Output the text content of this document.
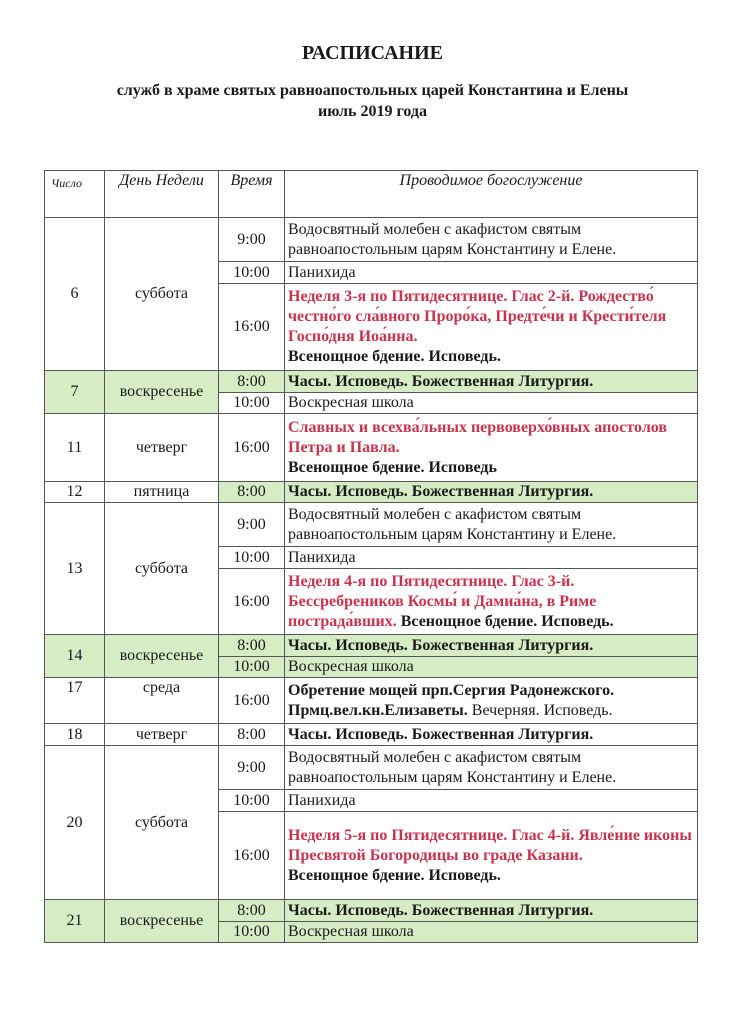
РАСПИСАНИЕ
служб в храме святых равноапостольных царей Константина и Елены
июль 2019 года
Число	День Недели	Время	Проводимое богослужение
6	суббота	9:00	Водосвятный молебен с акафистом святым равноапостольным царям Константину и Елене.
		10:00	Панихида
		16:00	Неделя 3-я по Пятидесятнице. Глас 2-й. Рождество́ честно́го сла́вного Проро́ка, Предте́чи и Крести́теля Госпо́дня Иоа́нна.
Всенощное бдение. Исповедь.
7	воскресенье	8:00	Часы. Исповедь. Божественная Литургия.
		10:00	Воскресная школа
11	четверг	16:00	Славных и всехва́льных первоверхо́вных апостолов Петра и Павла.
Всенощное бдение. Исповедь
12	пятница	8:00	Часы. Исповедь. Божественная Литургия.
13	суббота	9:00	Водосвятный молебен с акафистом святым равноапостольным царям Константину и Елене.
		10:00	Панихида
		16:00	Неделя 4-я по Пятидесятнице. Глас 3-й. Бессребреников Космы́ и Дамиа́на, в Риме пострада́вших. Всенощное бдение. Исповедь.
14	воскресенье	8:00	Часы. Исповедь. Божественная Литургия.
		10:00	Воскресная школа
17	среда	16:00	Обретение мощей прп.Сергия Радонежского. Прмц.вел.кн.Елизаветы. Вечерняя. Исповедь.
18	четверг	8:00	Часы. Исповедь. Божественная Литургия.
20	суббота	9:00	Водосвятный молебен с акафистом святым равноапостольным царям Константину и Елене.
		10:00	Панихида
		16:00	Неделя 5-я по Пятидесятнице. Глас 4-й. Явле́ние иконы Пресвятой Богородицы во граде Казани.
Всенощное бдение. Исповедь.
21	воскресенье	8:00	Часы. Исповедь. Божественная Литургия.
		10:00	Воскресная школа
